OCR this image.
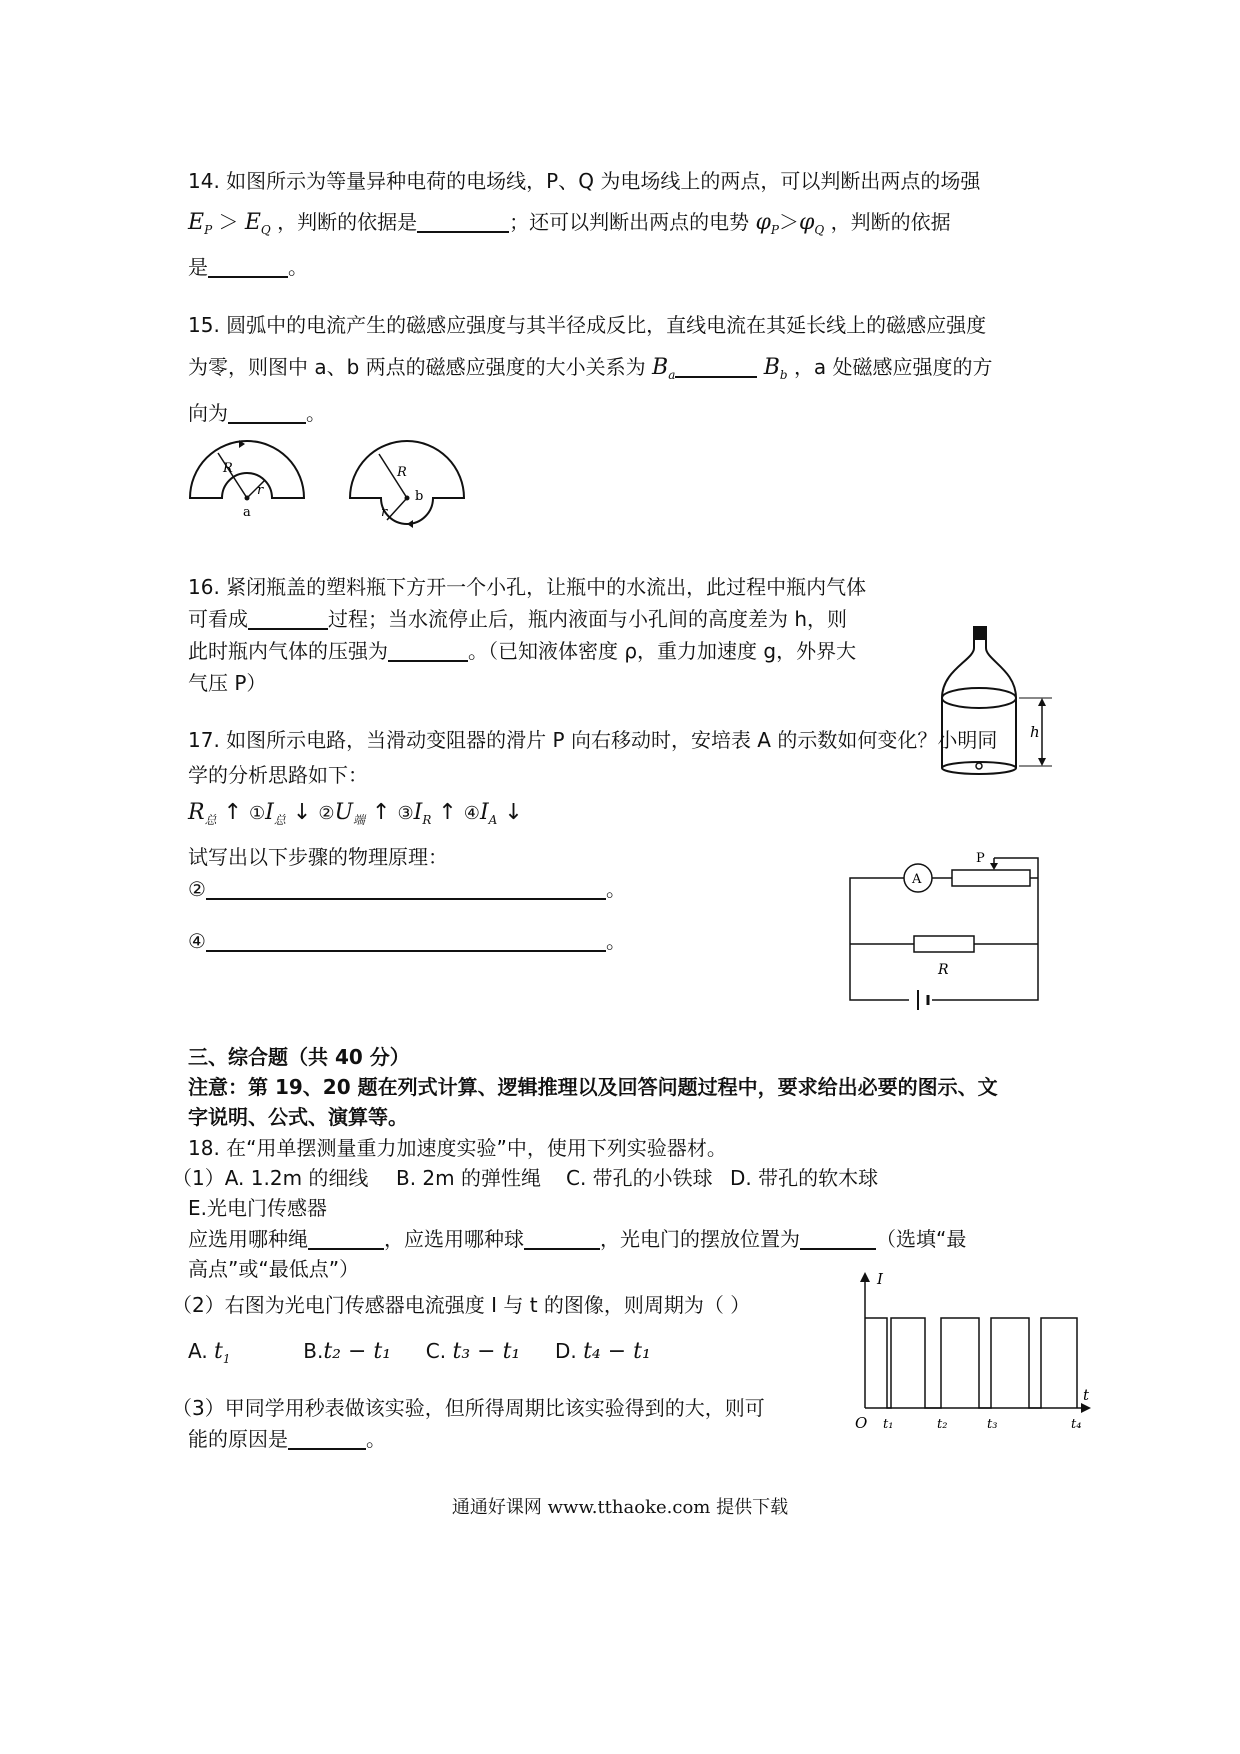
14. 如图所示为等量异种电荷的电场线，P、Q 为电场线上的两点，可以判断出两点的场强
$E_P > E_Q$ ，判断的依据是	；还可以判断出两点的电势 $\varphi_P>\varphi_Q$ ，判断的依据
是	。
15. 圆弧中的电流产生的磁感应强度与其半径成反比，直线电流在其延长线上的磁感应强度
为零，则图中 a、b 两点的磁感应强度的大小关系为 $B_a$	$B_b$ ，a 处磁感应强度的方
向为	。
R
r
a
R
r
b
16. 紧闭瓶盖的塑料瓶下方开一个小孔，让瓶中的水流出，此过程中瓶内气体
可看成	过程；当水流停止后，瓶内液面与小孔间的高度差为 h，则
此时瓶内气体的压强为	。（已知液体密度 ρ，重力加速度 g，外界大
气压 P）
h
17. 如图所示电路，当滑动变阻器的滑片 P 向右移动时，安培表 A 的示数如何变化？小明同
学的分析思路如下：
$R_总$ ↑ $①I_总$ ↓ $②U_端$ ↑ $③I_R$ ↑ $④I_A$ ↓
试写出以下步骤的物理原理：
②	。
④	。
A
P
R
三、综合题（共 40 分）
注意：第 19、20 题在列式计算、逻辑推理以及回答问题过程中，要求给出必要的图示、文
字说明、公式、演算等。
18. 在“用单摆测量重力加速度实验”中，使用下列实验器材。
（1）A. 1.2m 的细线 B. 2m 的弹性绳 C. 带孔的小铁球 D. 带孔的软木球
E.光电门传感器
应选用哪种绳	，应选用哪种球	，光电门的摆放位置为	（选填“最
高点”或“最低点”）
（2）右图为光电门传感器电流强度 I 与 t 的图像，则周期为（ ）
A. $t_1$	B.t₂ − t₁ C. t₃ − t₁ D. t₄ − t₁
（3）甲同学用秒表做该实验，但所得周期比该实验得到的大，则可
能的原因是	。
I
t
O t₁	t₂	t₃	t₄
通通好课网 www.tthaoke.com 提供下载
